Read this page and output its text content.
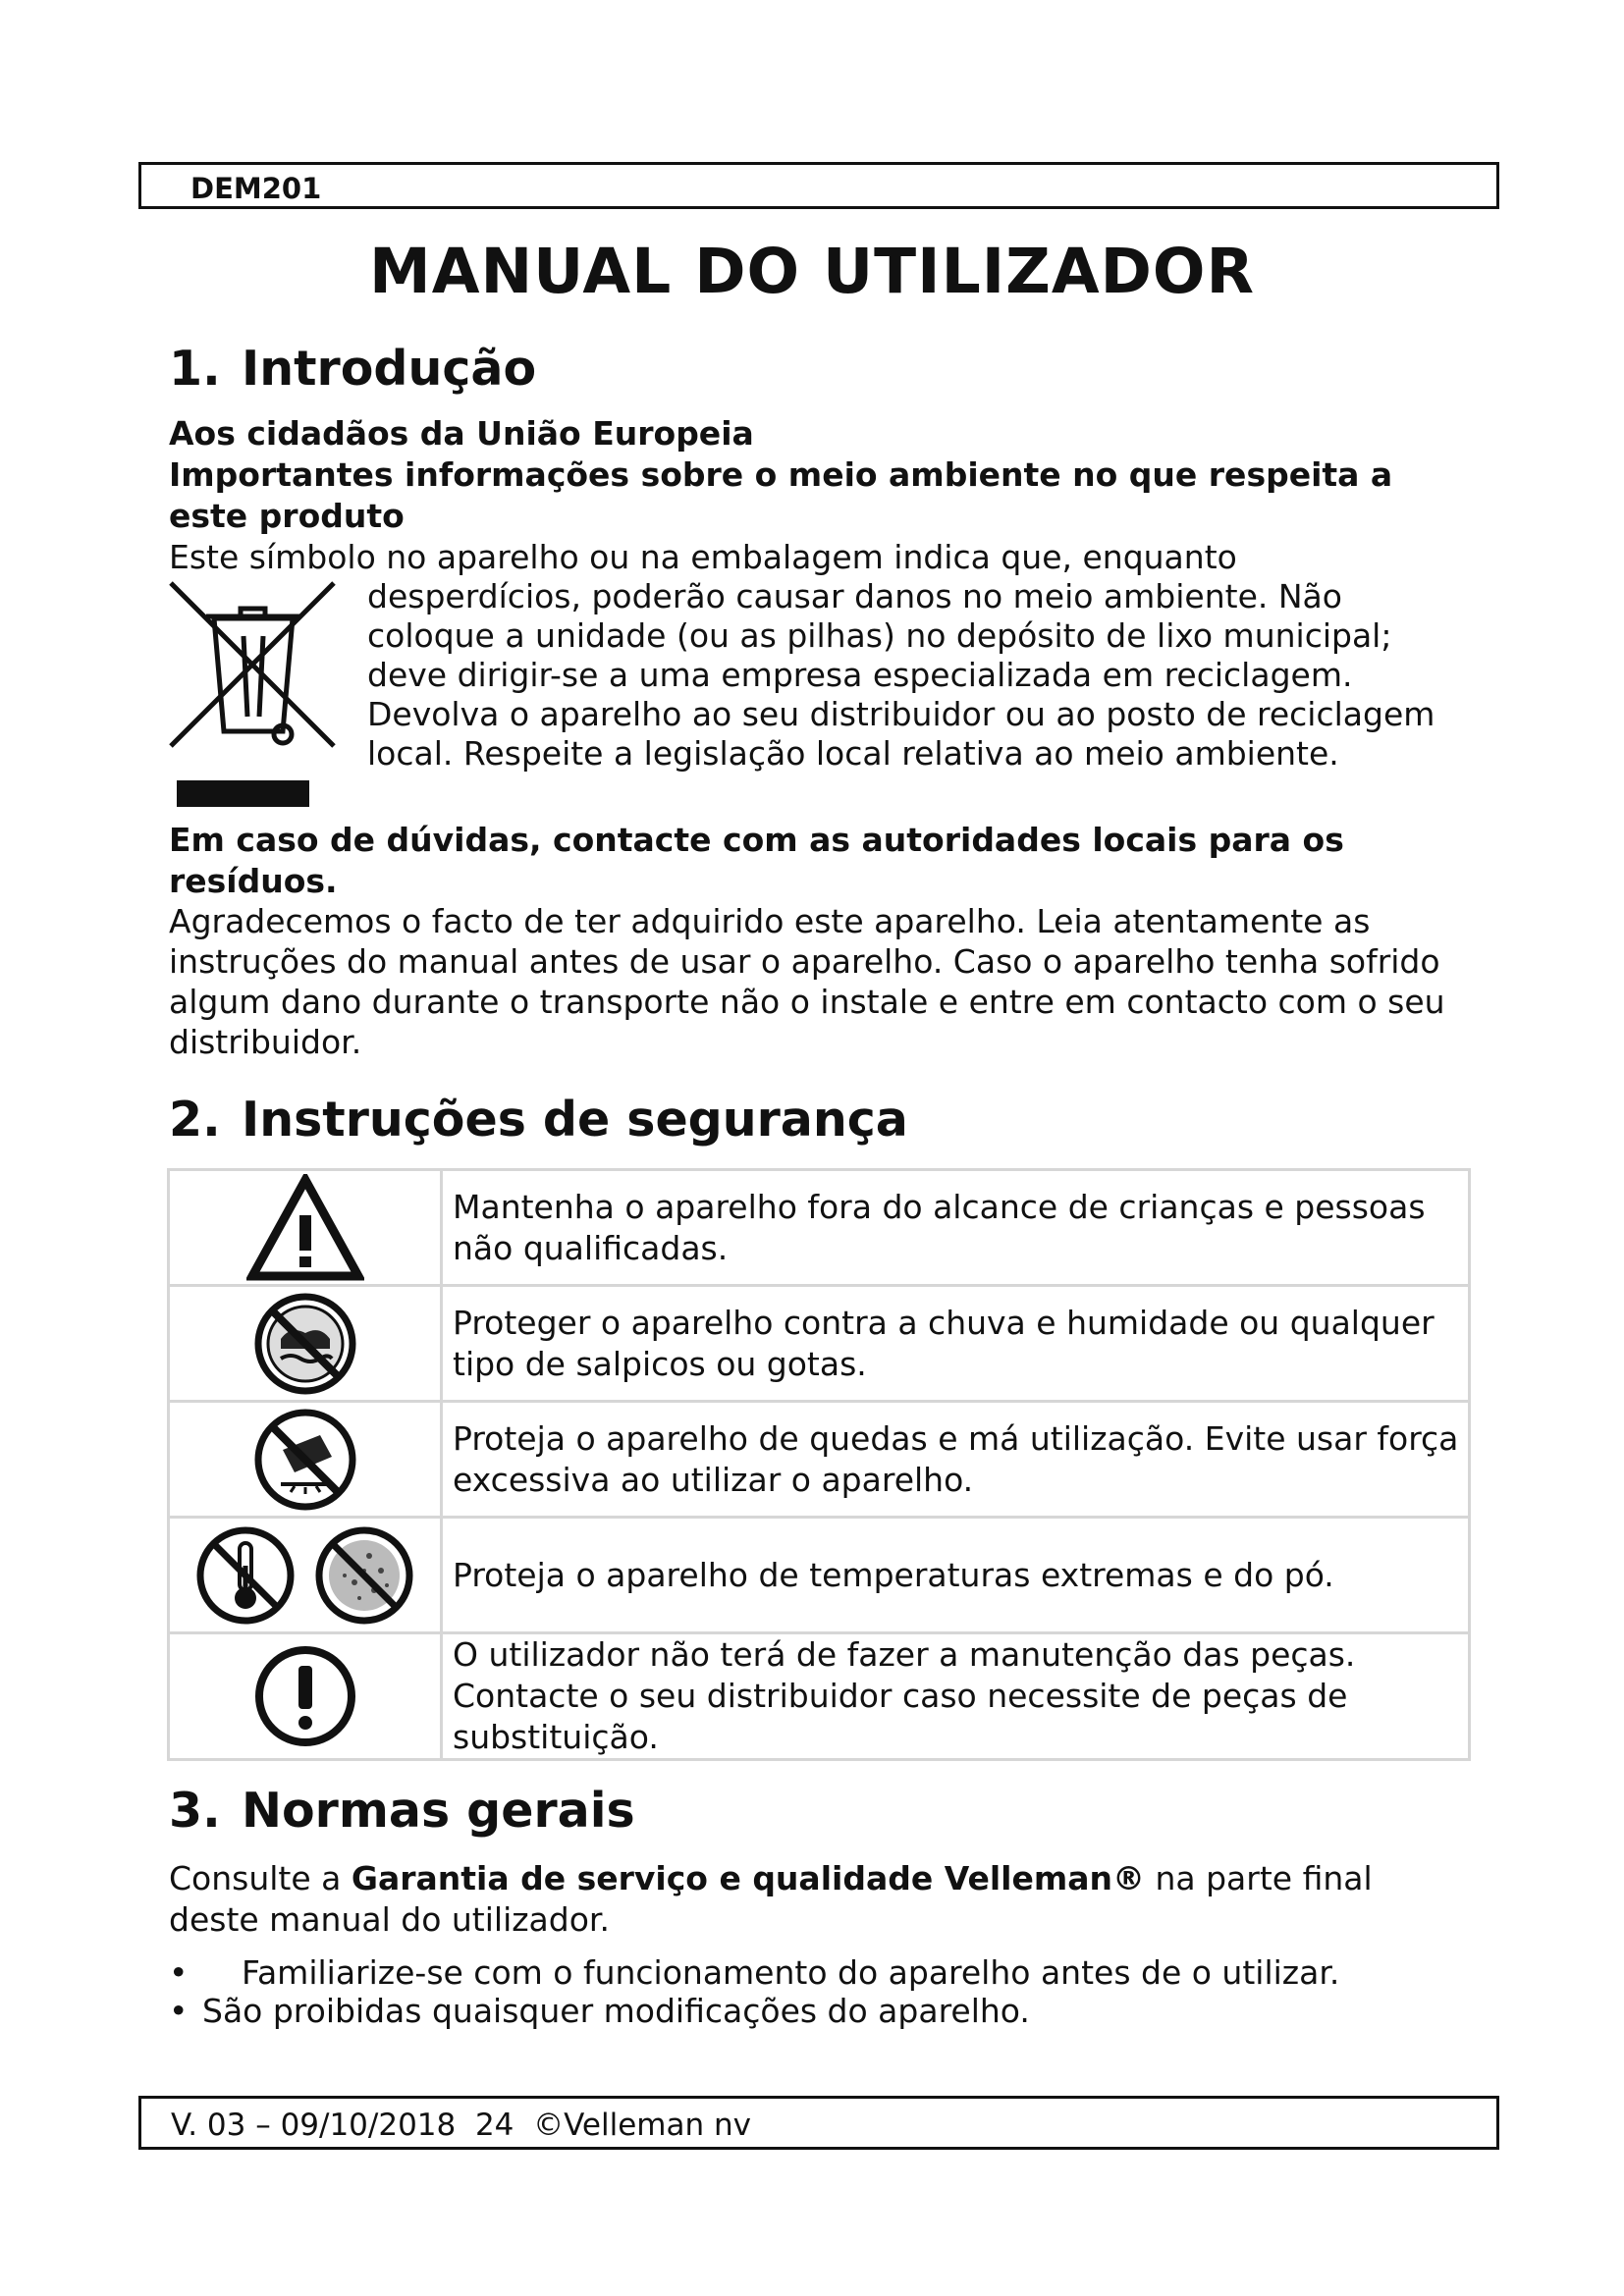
DEM201
MANUAL DO UTILIZADOR
1. Introdução

Aos cidadãos da União Europeia

Importantes informações sobre o meio ambiente no que respeita a este produto

Este símbolo no aparelho ou na embalagem indica que, enquanto

desperdícios, poderão causar danos no meio ambiente. Não coloque a unidade (ou as pilhas) no depósito de lixo municipal; deve dirigir-se a uma empresa especializada em reciclagem. Devolva o aparelho ao seu distribuidor ou ao posto de reciclagem local. Respeite a legislação local relativa ao meio ambiente.

Em caso de dúvidas, contacte com as autoridades locais para os resíduos.

Agradecemos o facto de ter adquirido este aparelho. Leia atentamente as instruções do manual antes de usar o aparelho. Caso o aparelho tenha sofrido algum dano durante o transporte não o instale e entre em contacto com o seu distribuidor.

2. Instruções de segurança
	Mantenha o aparelho fora do alcance de crianças e pessoas não qualificadas.
	Proteger o aparelho contra a chuva e humidade ou qualquer tipo de salpicos ou gotas.
	Proteja o aparelho de quedas e má utilização. Evite usar força excessiva ao utilizar o aparelho.
	Proteja o aparelho de temperaturas extremas e do pó.
	O utilizador não terá de fazer a manutenção das peças. Contacte o seu distribuidor caso necessite de peças de substituição.
3. Normas gerais

Consulte a Garantia de serviço e qualidade Velleman® na parte final deste manual do utilizador.

• Familiarize-se com o funcionamento do aparelho antes de o utilizar.
• São proibidas quaisquer modificações do aparelho.
V. 03 – 09/10/2018  24  ©Velleman nv
